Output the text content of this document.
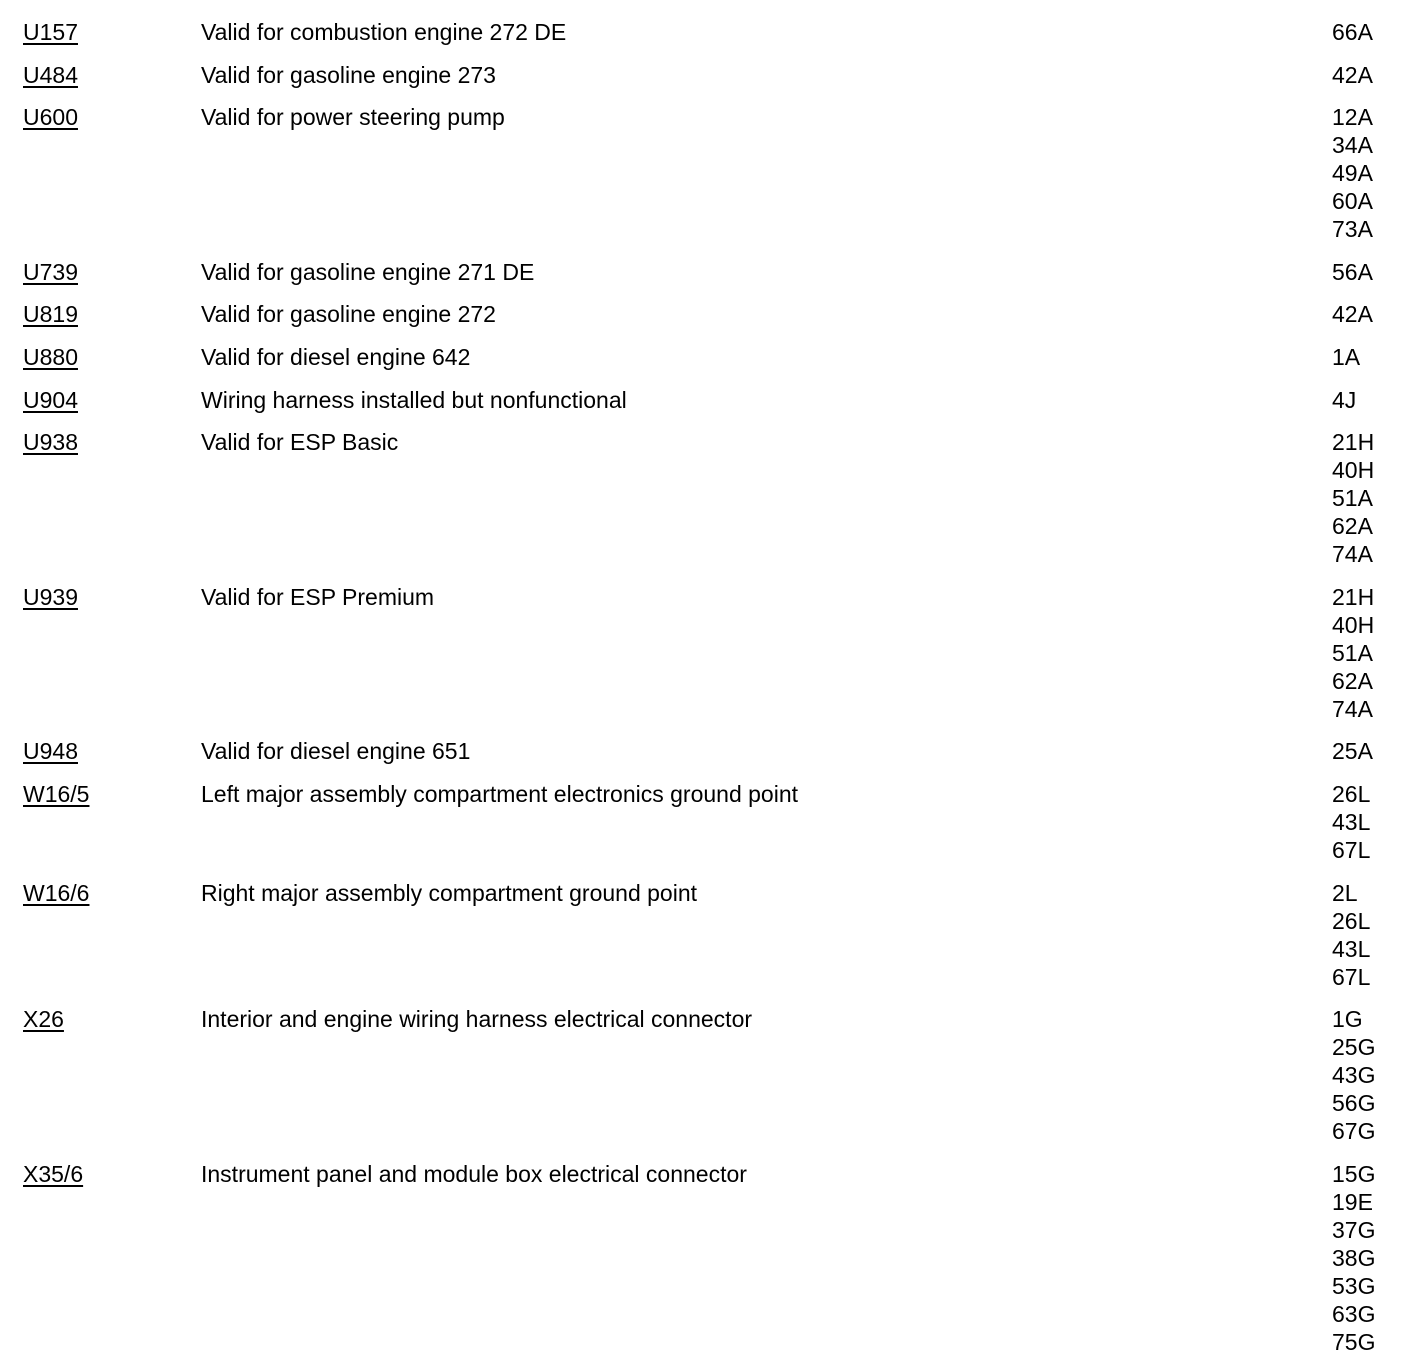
U157	Valid for combustion engine 272 DE	66A
U484	Valid for gasoline engine 273	42A
U600	Valid for power steering pump	12A
34A
49A
60A
73A
U739	Valid for gasoline engine 271 DE	56A
U819	Valid for gasoline engine 272	42A
U880	Valid for diesel engine 642	1A
U904	Wiring harness installed but nonfunctional	4J
U938	Valid for ESP Basic	21H
40H
51A
62A
74A
U939	Valid for ESP Premium	21H
40H
51A
62A
74A
U948	Valid for diesel engine 651	25A
W16/5	Left major assembly compartment electronics ground point	26L
43L
67L
W16/6	Right major assembly compartment ground point	2L
26L
43L
67L
X26	Interior and engine wiring harness electrical connector	1G
25G
43G
56G
67G
X35/6	Instrument panel and module box electrical connector	15G
19E
37G
38G
53G
63G
75G
